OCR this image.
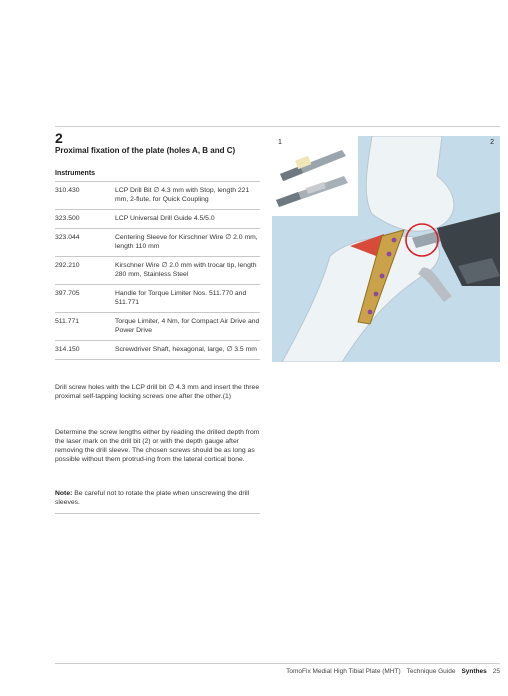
2
Proximal fixation of the plate (holes A, B and C)
Instruments
310.430	LCP Drill Bit ∅ 4.3 mm with Stop, length 221 mm, 2-flute, for Quick Coupling
323.500	LCP Universal Drill Guide 4.5/5.0
323.044	Centering Sleeve for Kirschner Wire ∅ 2.0 mm, length 110 mm
292.210	Kirschner Wire ∅ 2.0 mm with trocar tip, length 280 mm, Stainless Steel
397.705	Handle for Torque Limiter Nos. 511.770 and 511.771
511.771	Torque Limiter, 4 Nm, for Compact Air Drive and Power Drive
314.150	Screwdriver Shaft, hexagonal, large, ∅ 3.5 mm
Drill screw holes with the LCP drill bit ∅ 4.3 mm and insert the three proximal self-tapping locking screws one after the other.(1)
Determine the screw lengths either by reading the drilled depth from the laser mark on the drill bit (2) or with the depth gauge after removing the drill sleeve. The chosen screws should be as long as possible without them protrud-ing from the lateral cortical bone.
Note: Be careful not to rotate the plate when unscrewing the drill sleeves.
1	2
TomoFix Medial High Tibial Plate (MHT) Technique Guide Synthes 25
